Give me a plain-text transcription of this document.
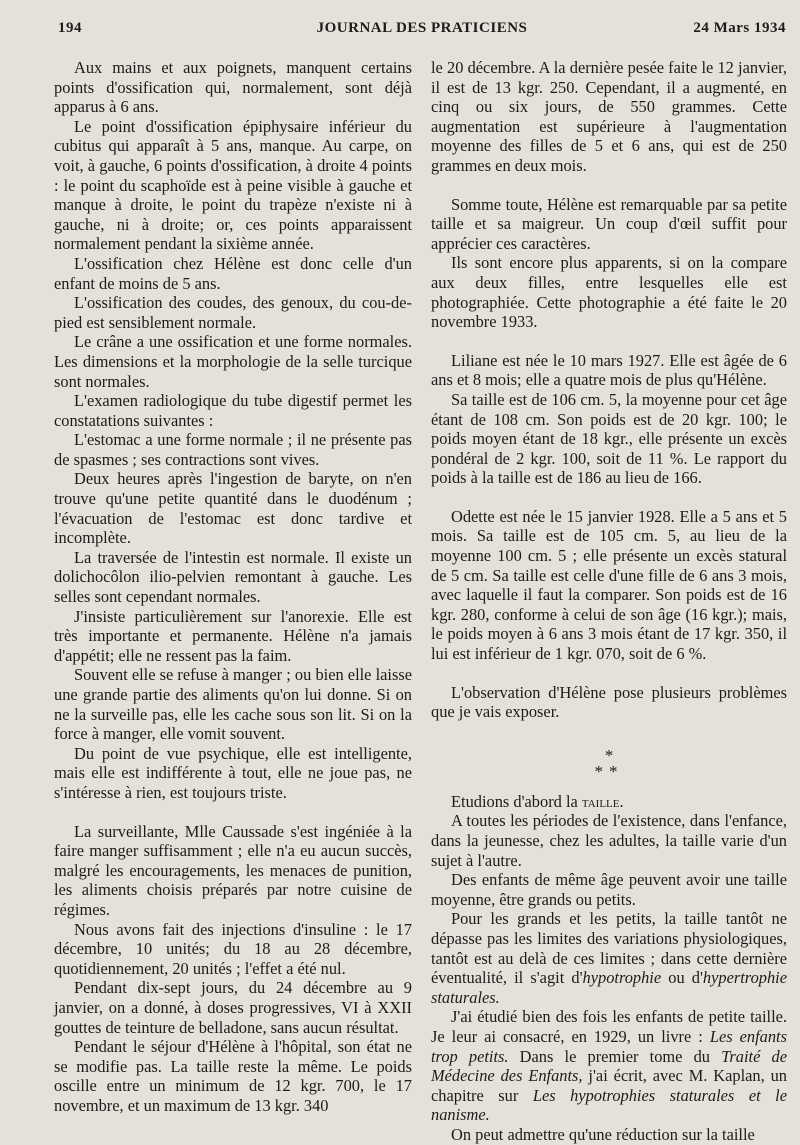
194	JOURNAL DES PRATICIENS	24 Mars 1934

Aux mains et aux poignets, manquent certains points d'ossification qui, normalement, sont déjà apparus à 6 ans.

Le point d'ossification épiphysaire inférieur du cubitus qui apparaît à 5 ans, manque. Au carpe, on voit, à gauche, 6 points d'ossification, à droite 4 points : le point du scaphoïde est à peine visible à gauche et manque à droite, le point du trapèze n'existe ni à gauche, ni à droite; or, ces points apparaissent normalement pendant la sixième année.

L'ossification chez Hélène est donc celle d'un enfant de moins de 5 ans.

L'ossification des coudes, des genoux, du cou-de-pied est sensiblement normale.

Le crâne a une ossification et une forme normales. Les dimensions et la morphologie de la selle turcique sont normales.

L'examen radiologique du tube digestif permet les constatations suivantes :

L'estomac a une forme normale ; il ne présente pas de spasmes ; ses contractions sont vives.

Deux heures après l'ingestion de baryte, on n'en trouve qu'une petite quantité dans le duodénum ; l'évacuation de l'estomac est donc tardive et incomplète.

La traversée de l'intestin est normale. Il existe un dolichocôlon ilio-pelvien remontant à gauche. Les selles sont cependant normales.

J'insiste particulièrement sur l'anorexie. Elle est très importante et permanente. Hélène n'a jamais d'appétit; elle ne ressent pas la faim.

Souvent elle se refuse à manger ; ou bien elle laisse une grande partie des aliments qu'on lui donne. Si on ne la surveille pas, elle les cache sous son lit. Si on la force à manger, elle vomit souvent.

Du point de vue psychique, elle est intelligente, mais elle est indifférente à tout, elle ne joue pas, ne s'intéresse à rien, est toujours triste.

La surveillante, Mlle Caussade s'est ingéniée à la faire manger suffisamment ; elle n'a eu aucun succès, malgré les encouragements, les menaces de punition, les aliments choisis préparés par notre cuisine de régimes.

Nous avons fait des injections d'insuline : le 17 décembre, 10 unités; du 18 au 28 décembre, quotidiennement, 20 unités ; l'effet a été nul.

Pendant dix-sept jours, du 24 décembre au 9 janvier, on a donné, à doses progressives, VI à XXII gouttes de teinture de belladone, sans aucun résultat.

Pendant le séjour d'Hélène à l'hôpital, son état ne se modifie pas. La taille reste la même. Le poids oscille entre un minimum de 12 kgr. 700, le 17 novembre, et un maximum de 13 kgr. 340

le 20 décembre. A la dernière pesée faite le 12 janvier, il est de 13 kgr. 250. Cependant, il a augmenté, en cinq ou six jours, de 550 grammes. Cette augmentation est supérieure à l'augmentation moyenne des filles de 5 et 6 ans, qui est de 250 grammes en deux mois.

Somme toute, Hélène est remarquable par sa petite taille et sa maigreur. Un coup d'œil suffit pour apprécier ces caractères.

Ils sont encore plus apparents, si on la compare aux deux filles, entre lesquelles elle est photographiée. Cette photographie a été faite le 20 novembre 1933.

Liliane est née le 10 mars 1927. Elle est âgée de 6 ans et 8 mois; elle a quatre mois de plus qu'Hélène.

Sa taille est de 106 cm. 5, la moyenne pour cet âge étant de 108 cm. Son poids est de 20 kgr. 100; le poids moyen étant de 18 kgr., elle présente un excès pondéral de 2 kgr. 100, soit de 11 %. Le rapport du poids à la taille est de 186 au lieu de 166.

Odette est née le 15 janvier 1928. Elle a 5 ans et 5 mois. Sa taille est de 105 cm. 5, au lieu de la moyenne 100 cm. 5 ; elle présente un excès statural de 5 cm. Sa taille est celle d'une fille de 6 ans 3 mois, avec laquelle il faut la comparer. Son poids est de 16 kgr. 280, conforme à celui de son âge (16 kgr.); mais, le poids moyen à 6 ans 3 mois étant de 17 kgr. 350, il lui est inférieur de 1 kgr. 070, soit de 6 %.

L'observation d'Hélène pose plusieurs problèmes que je vais exposer.

*
**

Etudions d'abord la taille.

A toutes les périodes de l'existence, dans l'enfance, dans la jeunesse, chez les adultes, la taille varie d'un sujet à l'autre.

Des enfants de même âge peuvent avoir une taille moyenne, être grands ou petits.

Pour les grands et les petits, la taille tantôt ne dépasse pas les limites des variations physiologiques, tantôt est au delà de ces limites ; dans cette dernière éventualité, il s'agit d'hypotrophie ou d'hypertrophie staturales.

J'ai étudié bien des fois les enfants de petite taille. Je leur ai consacré, en 1929, un livre : Les enfants trop petits. Dans le premier tome du Traité de Médecine des Enfants, j'ai écrit, avec M. Kaplan, un chapitre sur Les hypotrophies staturales et le nanisme.

On peut admettre qu'une réduction sur la taille
